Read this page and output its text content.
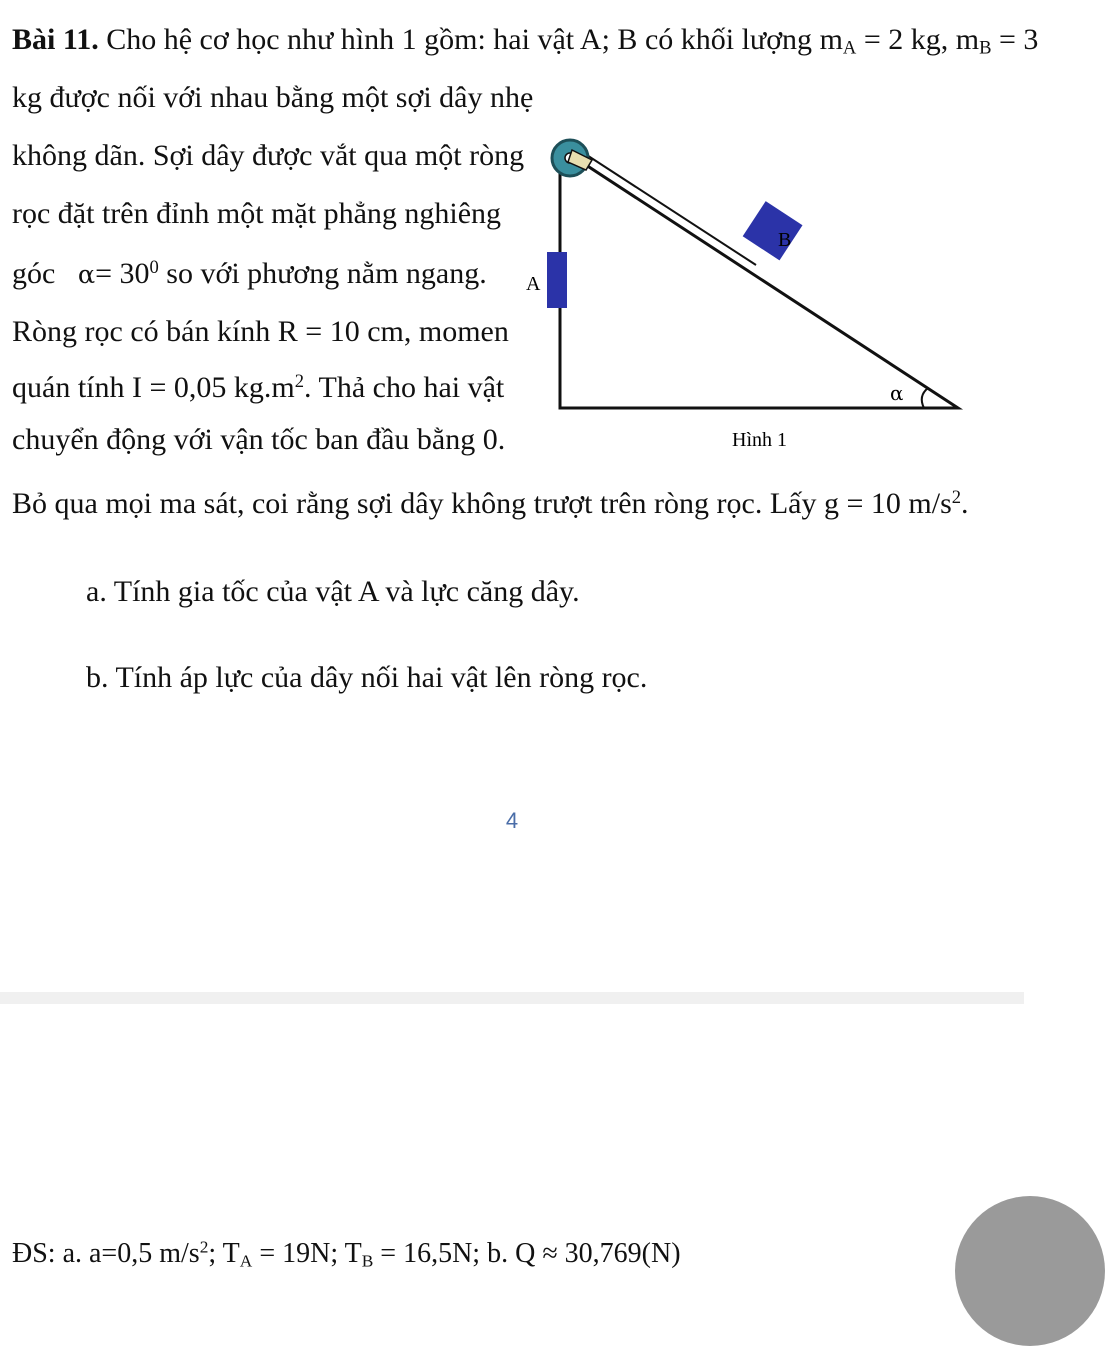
Bài 11. Cho hệ cơ học như hình 1 gồm: hai vật A; B có khối lượng $m_A = 2$ kg, $m_B = 3$
kg được nối với nhau bằng một sợi dây nhẹ
không dãn. Sợi dây được vắt qua một ròng
rọc đặt trên đỉnh một mặt phẳng nghiêng
góc $\alpha= 30^0$ so với phương nằm ngang.
Ròng rọc có bán kính R = 10 cm, momen
quán tính I = 0,05 $kg.m^2$. Thả cho hai vật
chuyển động với vận tốc ban đầu bằng 0.
Bỏ qua mọi ma sát, coi rằng sợi dây không trượt trên ròng rọc. Lấy g = 10 $m/s^2$.
a. Tính gia tốc của vật A và lực căng dây.
b. Tính áp lực của dây nối hai vật lên ròng rọc.
A
B
α
Hình 1
4
ĐS: a. a=0,5 $m/s^2$; $T_A = 19N$; $T_B = 16,5N$; b. Q ≈ 30,769(N)
